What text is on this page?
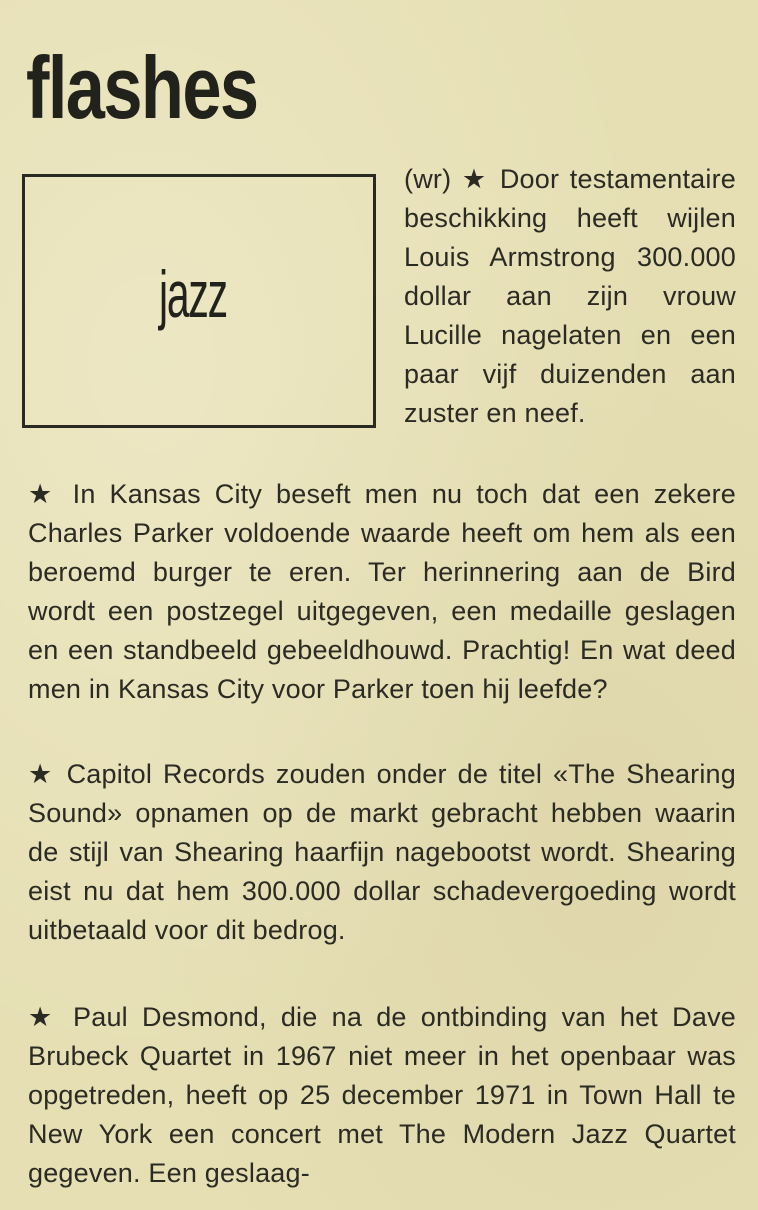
flashes
jazz

(wr) ★ Door testamentaire beschikking heeft wijlen Louis Armstrong 300.000 dollar aan zijn vrouw Lucille nagelaten en een paar vijf duizenden aan zuster en neef.

★ In Kansas City beseft men nu toch dat een zekere Charles Parker voldoende waarde heeft om hem als een beroemd burger te eren. Ter herinnering aan de Bird wordt een postzegel uitgegeven, een medaille geslagen en een standbeeld gebeeldhouwd. Prachtig! En wat deed men in Kansas City voor Parker toen hij leefde?

★ Capitol Records zouden onder de titel «The Shearing Sound» opnamen op de markt gebracht hebben waarin de stijl van Shearing haarfijn nagebootst wordt. Shearing eist nu dat hem 300.000 dollar schadevergoeding wordt uitbetaald voor dit bedrog.

★ Paul Desmond, die na de ontbinding van het Dave Brubeck Quartet in 1967 niet meer in het openbaar was opgetreden, heeft op 25 december 1971 in Town Hall te New York een concert met The Modern Jazz Quartet gegeven. Een geslaag-
